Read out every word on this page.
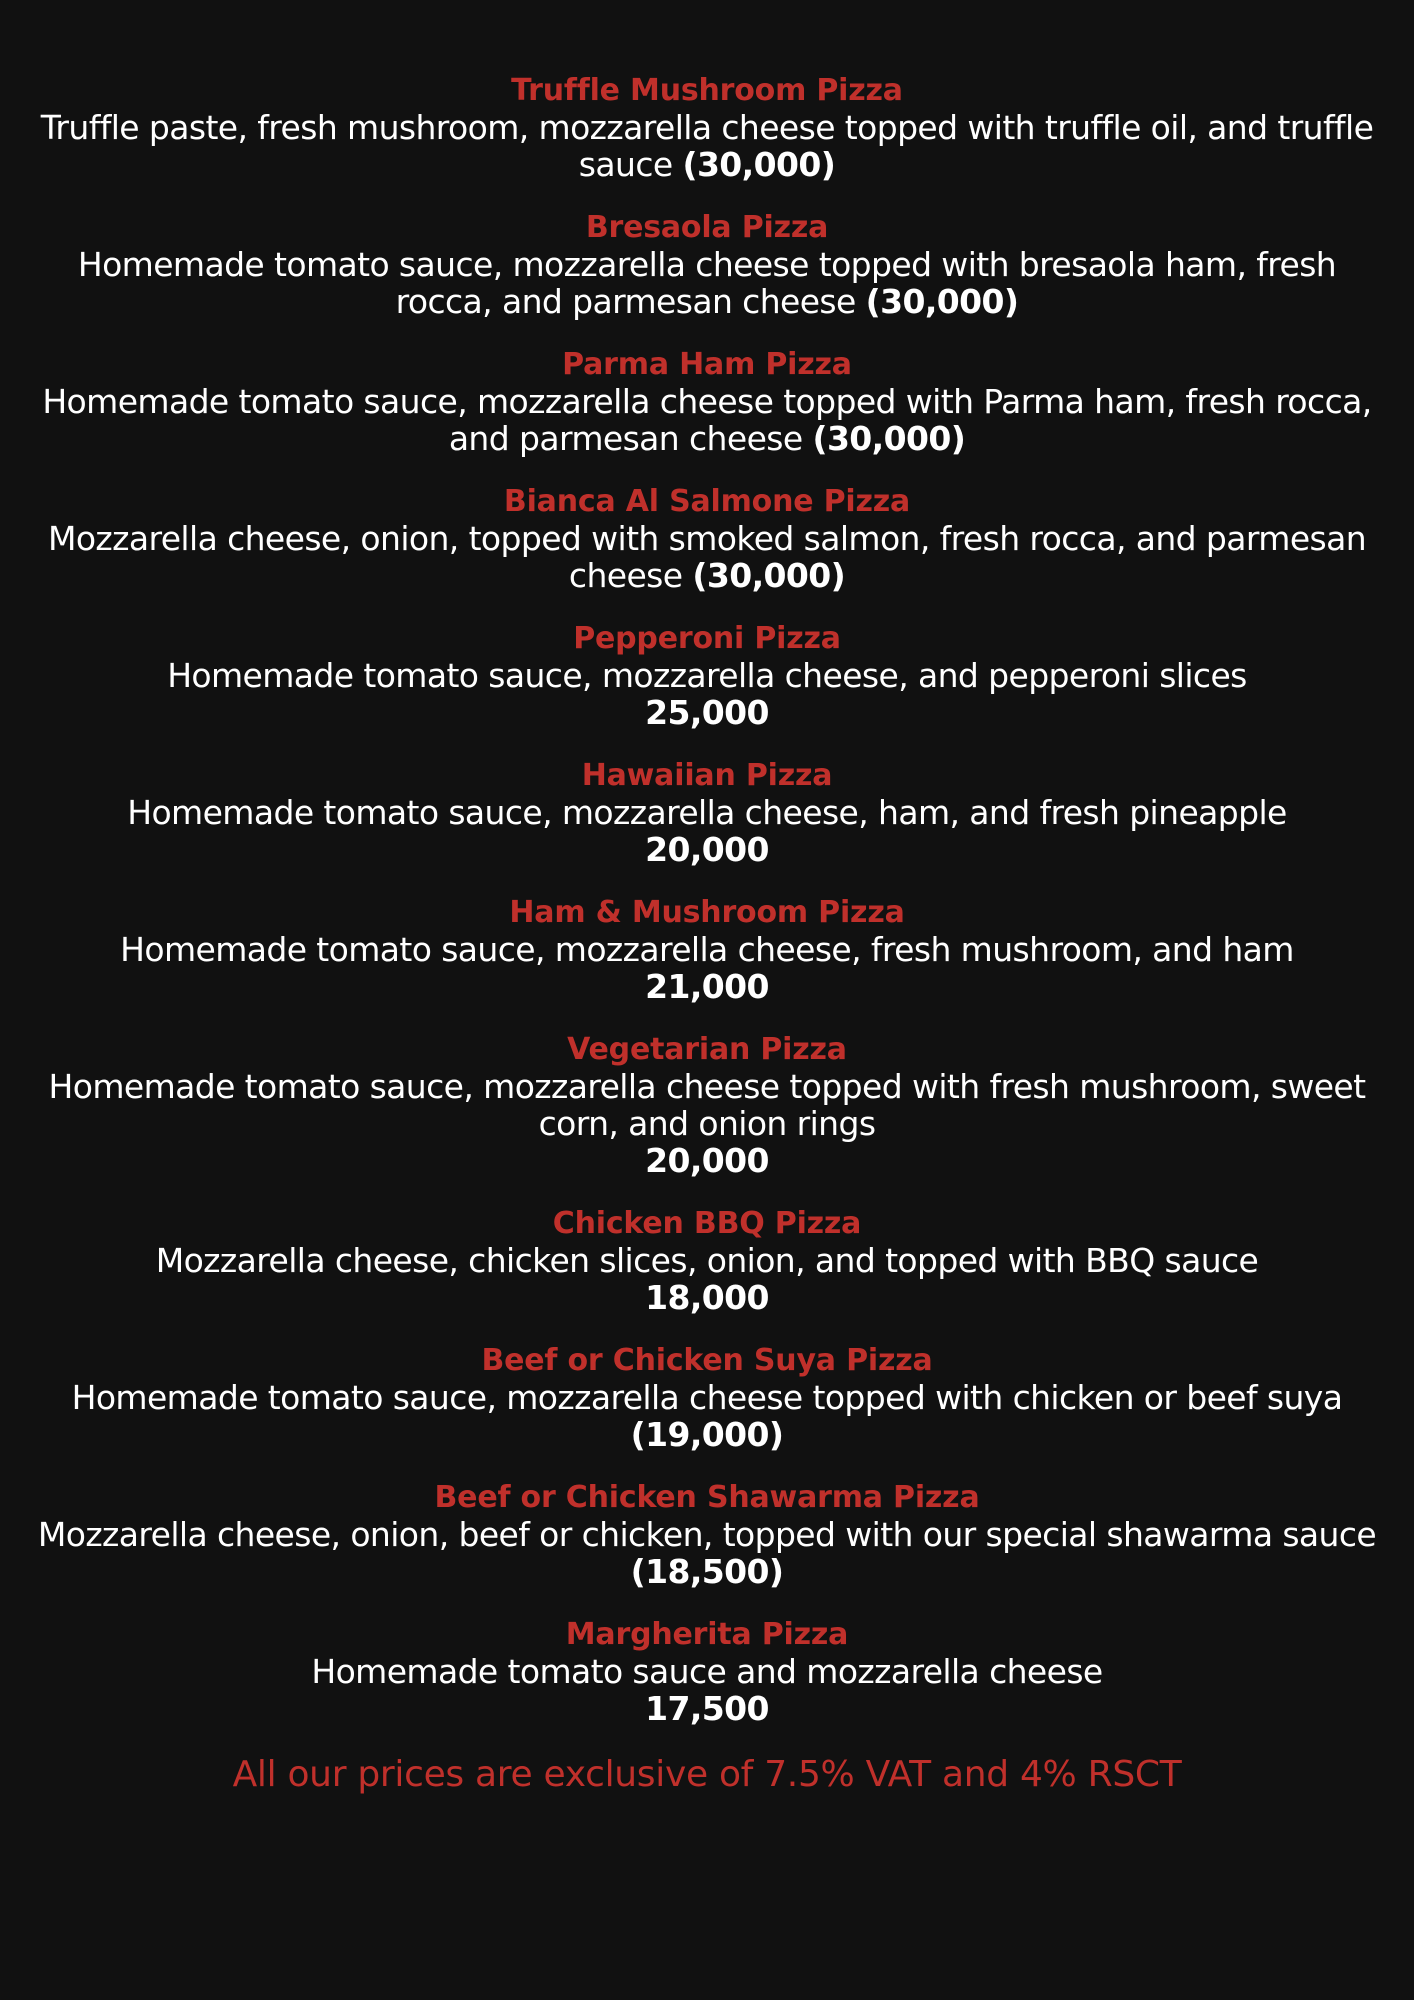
Truffle Mushroom Pizza
Truffle paste, fresh mushroom, mozzarella cheese topped with truffle oil, and truffle sauce (30,000)
Bresaola Pizza
Homemade tomato sauce, mozzarella cheese topped with bresaola ham, fresh rocca, and parmesan cheese (30,000)
Parma Ham Pizza
Homemade tomato sauce, mozzarella cheese topped with Parma ham, fresh rocca, and parmesan cheese (30,000)
Bianca Al Salmone Pizza
Mozzarella cheese, onion, topped with smoked salmon, fresh rocca, and parmesan cheese (30,000)
Pepperoni Pizza
Homemade tomato sauce, mozzarella cheese, and pepperoni slices
25,000
Hawaiian Pizza
Homemade tomato sauce, mozzarella cheese, ham, and fresh pineapple
20,000
Ham & Mushroom Pizza
Homemade tomato sauce, mozzarella cheese, fresh mushroom, and ham
21,000
Vegetarian Pizza
Homemade tomato sauce, mozzarella cheese topped with fresh mushroom, sweet corn, and onion rings
20,000
Chicken BBQ Pizza
Mozzarella cheese, chicken slices, onion, and topped with BBQ sauce
18,000
Beef or Chicken Suya Pizza
Homemade tomato sauce, mozzarella cheese topped with chicken or beef suya (19,000)
Beef or Chicken Shawarma Pizza
Mozzarella cheese, onion, beef or chicken, topped with our special shawarma sauce (18,500)
Margherita Pizza
Homemade tomato sauce and mozzarella cheese
17,500
All our prices are exclusive of 7.5% VAT and 4% RSCT
